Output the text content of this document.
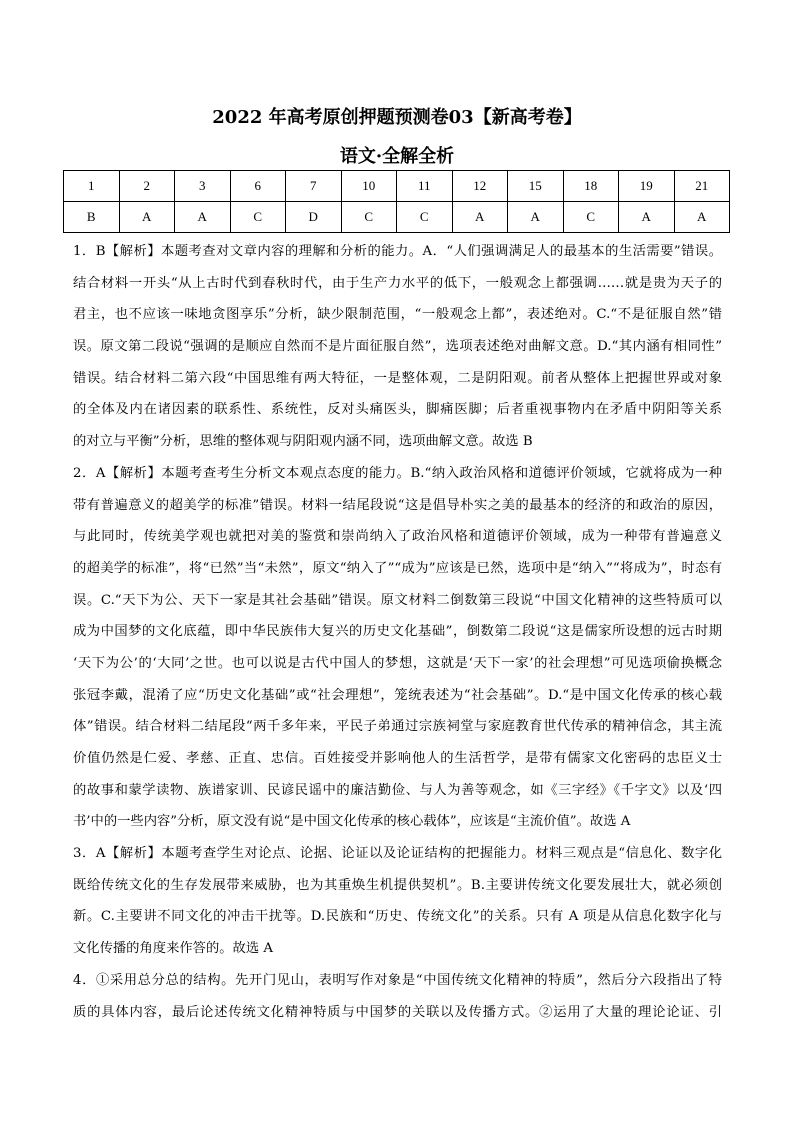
2022 年高考原创押题预测卷03【新高考卷】
语文·全解全析
1	2	3	6	7	10	11	12	15	18	19	21
B	A	A	C	D	C	C	A	A	C	A	A
1．B【解析】本题考查对文章内容的理解和分析的能力。A．“人们强调满足人的最基本的生活需要”错误。
结合材料一开头“从上古时代到春秋时代，由于生产力水平的低下，一般观念上都强调……就是贵为天子的
君主，也不应该一味地贪图享乐”分析，缺少限制范围，“一般观念上都”，表述绝对。C.“不是征服自然”错
误。原文第二段说“强调的是顺应自然而不是片面征服自然”，选项表述绝对曲解文意。D.“其内涵有相同性”
错误。结合材料二第六段“中国思维有两大特征，一是整体观，二是阴阳观。前者从整体上把握世界或对象
的全体及内在诸因素的联系性、系统性，反对头痛医头，脚痛医脚；后者重视事物内在矛盾中阴阳等关系
的对立与平衡”分析，思维的整体观与阴阳观内涵不同，选项曲解文意。故选 B
2．A【解析】本题考查考生分析文本观点态度的能力。B.“纳入政治风格和道德评价领域，它就将成为一种
带有普遍意义的超美学的标准”错误。材料一结尾段说“这是倡导朴实之美的最基本的经济的和政治的原因，
与此同时，传统美学观也就把对美的鉴赏和崇尚纳入了政治风格和道德评价领域，成为一种带有普遍意义
的超美学的标准”，将“已然”当“未然”，原文“纳入了”“成为”应该是已然，选项中是“纳入”“将成为”，时态有
误。C.“天下为公、天下一家是其社会基础”错误。原文材料二倒数第三段说“中国文化精神的这些特质可以
成为中国梦的文化底蕴，即中华民族伟大复兴的历史文化基础”，倒数第二段说“这是儒家所设想的远古时期
‘天下为公’的‘大同’之世。也可以说是古代中国人的梦想，这就是‘天下一家’的社会理想”可见选项偷换概念
张冠李戴，混淆了应“历史文化基础”或“社会理想”，笼统表述为“社会基础”。D.“是中国文化传承的核心载
体”错误。结合材料二结尾段“两千多年来，平民子弟通过宗族祠堂与家庭教育世代传承的精神信念，其主流
价值仍然是仁爱、孝慈、正直、忠信。百姓接受并影响他人的生活哲学，是带有儒家文化密码的忠臣义士
的故事和蒙学读物、族谱家训、民谚民谣中的廉洁勤俭、与人为善等观念，如《三字经》《千字文》以及‘四
书’中的一些内容”分析，原文没有说“是中国文化传承的核心载体”，应该是“主流价值”。故选 A
3．A【解析】本题考查学生对论点、论据、论证以及论证结构的把握能力。材料三观点是“信息化、数字化
既给传统文化的生存发展带来威胁，也为其重焕生机提供契机”。B.主要讲传统文化要发展壮大，就必须创
新。C.主要讲不同文化的冲击干扰等。D.民族和“历史、传统文化”的关系。只有 A 项是从信息化数字化与
文化传播的角度来作答的。故选 A
4．①采用总分总的结构。先开门见山，表明写作对象是“中国传统文化精神的特质”，然后分六段指出了特
质的具体内容，最后论述传统文化精神特质与中国梦的关联以及传播方式。②运用了大量的理论论证、引
